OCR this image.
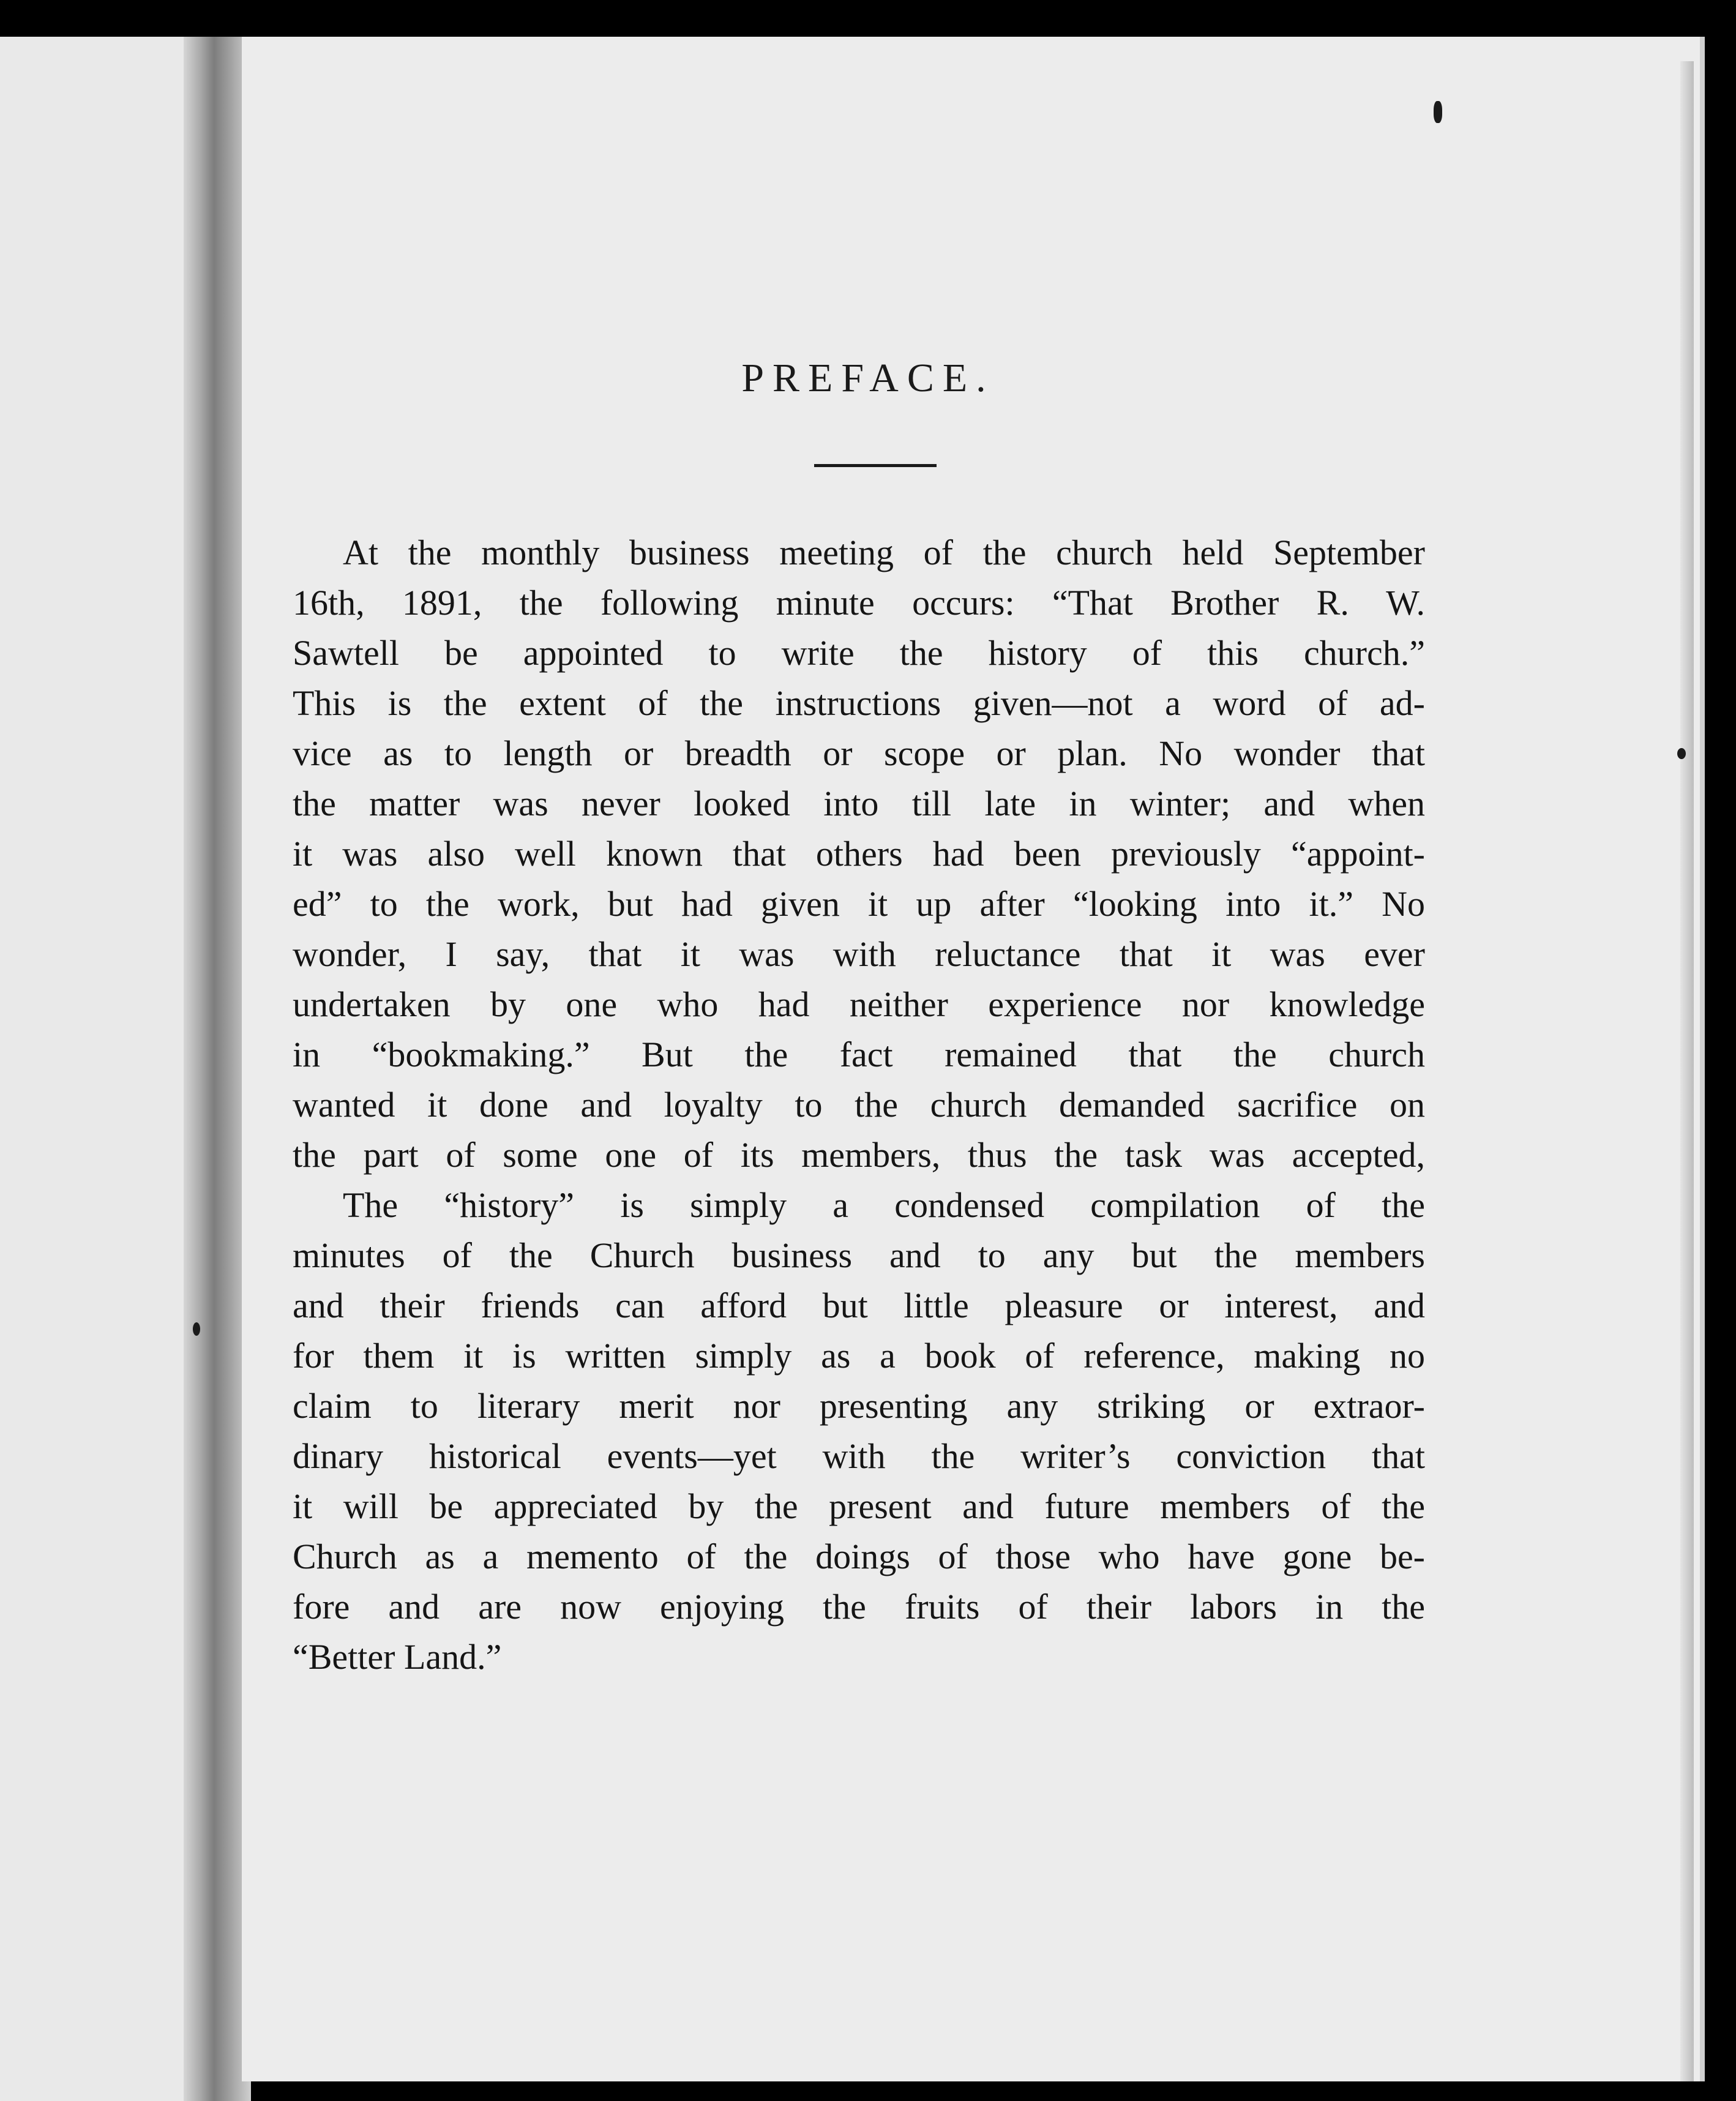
PREFACE.
At the monthly business meeting of the church held September
16th, 1891, the following minute occurs: “That Brother R. W.
Sawtell be appointed to write the history of this church.”
This is the extent of the instructions given—not a word of ad-
vice as to length or breadth or scope or plan. No wonder that
the matter was never looked into till late in winter; and when
it was also well known that others had been previously “appoint-
ed” to the work, but had given it up after “looking into it.” No
wonder, I say, that it was with reluctance that it was ever
undertaken by one who had neither experience nor knowledge
in “bookmaking.” But the fact remained that the church
wanted it done and loyalty to the church demanded sacrifice on
the part of some one of its members, thus the task was accepted,
The “history” is simply a condensed compilation of the
minutes of the Church business and to any but the members
and their friends can afford but little pleasure or interest, and
for them it is written simply as a book of reference, making no
claim to literary merit nor presenting any striking or extraor-
dinary historical events—yet with the writer’s conviction that
it will be appreciated by the present and future members of the
Church as a memento of the doings of those who have gone be-
fore and are now enjoying the fruits of their labors in the
“Better Land.”
